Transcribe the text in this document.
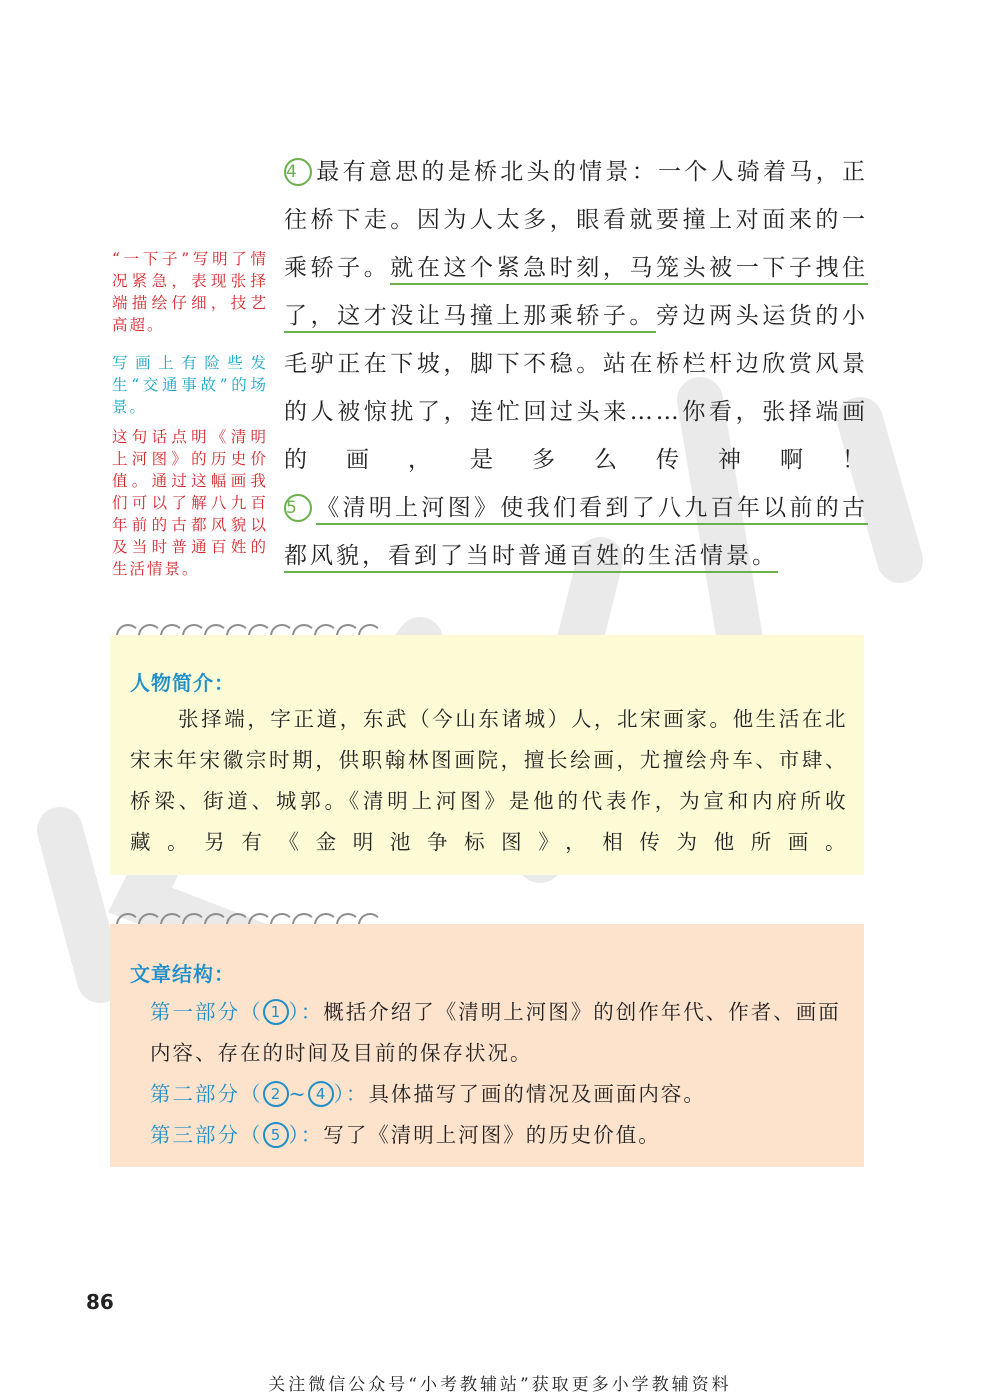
4 最有意思的是桥北头的情景：一个人骑着马，正往桥下走。因为人太多，眼看就要撞上对面来的一乘轿子。就在这个紧急时刻，马笼头被一下子拽住了，这才没让马撞上那乘轿子。旁边两头运货的小毛驴正在下坡，脚下不稳。站在桥栏杆边欣赏风景的人被惊扰了，连忙回过头来……你看，张择端画的画，是多么传神啊！

5 《清明上河图》使我们看到了八九百年以前的古都风貌，看到了当时普通百姓的生活情景。

“一下子”写明了情况紧急，表现张择端描绘仔细，技艺高超。

写画上有险些发生“交通事故”的场景。

这句话点明《清明上河图》的历史价值。通过这幅画我们可以了解八九百年前的古都风貌以及当时普通百姓的生活情景。

人物简介：
张择端，字正道，东武（今山东诸城）人，北宋画家。他生活在北宋末年宋徽宗时期，供职翰林图画院，擅长绘画，尤擅绘舟车、市肆、桥梁、街道、城郭。《清明上河图》是他的代表作，为宣和内府所收藏。另有《金明池争标图》，相传为他所画。
文章结构：

第一部分（ 1 ）：概括介绍了《清明上河图》的创作年代、作者、画面内容、存在的时间及目前的保存状况。

第二部分（ 2 ~ 4 ）：具体描写了画的情况及画面内容。

第三部分（ 5 ）：写了《清明上河图》的历史价值。

86
关注微信公众号“小考教辅站”获取更多小学教辅资料
